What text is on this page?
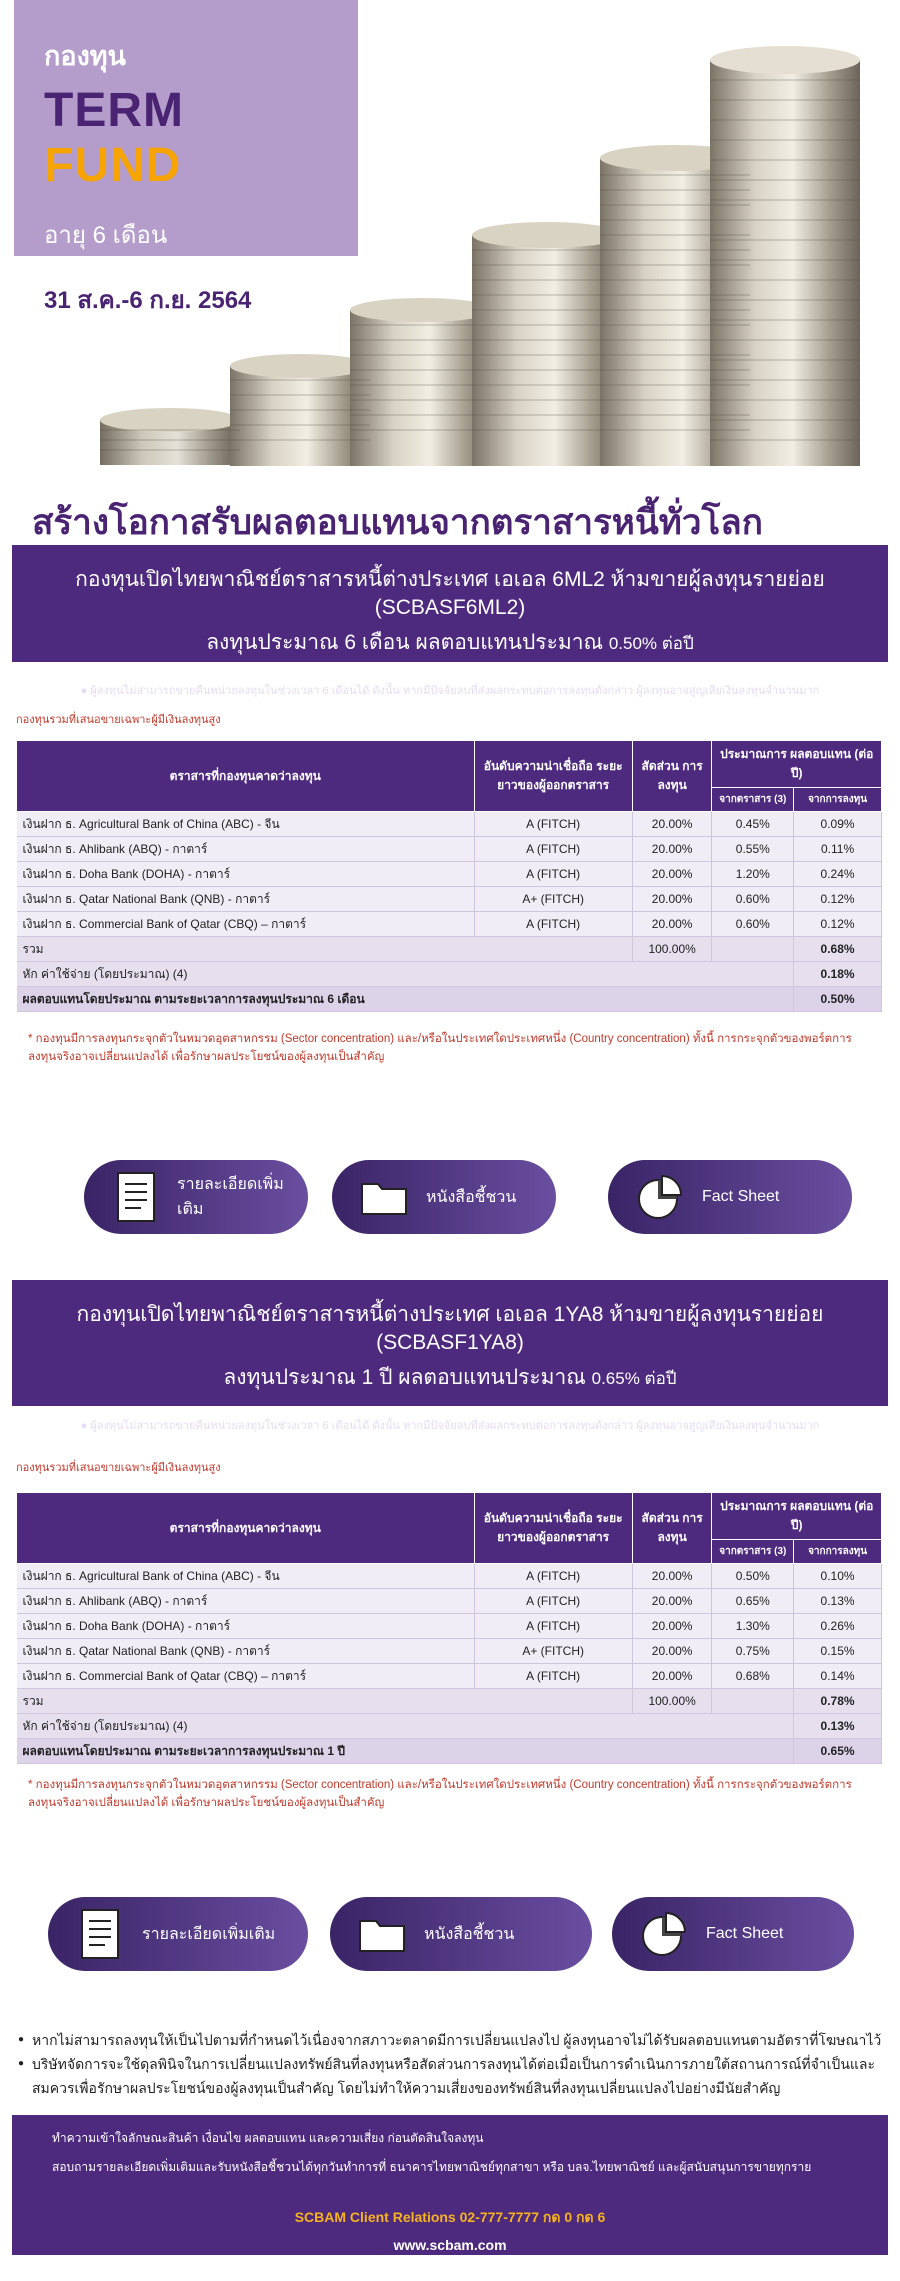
กองทุน
TERM FUND
อายุ 6 เดือน
31 ส.ค.-6 ก.ย. 2564
สร้างโอกาสรับผลตอบแทนจากตราสารหนี้ทั่วโลก
กองทุนเปิดไทยพาณิชย์ตราสารหนี้ต่างประเทศ เอเอล 6ML2 ห้ามขายผู้ลงทุนรายย่อย (SCBASF6ML2)
ลงทุนประมาณ 6 เดือน ผลตอบแทนประมาณ 0.50% ต่อปี
● ผู้ลงทุนไม่สามารถขายคืนหน่วยลงทุนในช่วงเวลา 6 เดือนได้ ดังนั้น หากมีปัจจัยลบที่ส่งผลกระทบต่อการลงทุนดังกล่าว ผู้ลงทุนอาจสูญเสียเงินลงทุนจำนวนมาก
กองทุนรวมที่เสนอขายเฉพาะผู้มีเงินลงทุนสูง
ตราสารที่กองทุนคาดว่าลงทุน	อันดับความน่าเชื่อถือ ระยะยาวของผู้ออกตราสาร	สัดส่วน การลงทุน	ประมาณการ ผลตอบแทน (ต่อปี)	
			จากตราสาร (3)	จากการลงทุน
เงินฝาก ธ. Agricultural Bank of China (ABC) - จีน	A (FITCH)	20.00%	0.45%	0.09%
เงินฝาก ธ. Ahlibank (ABQ) - กาตาร์	A (FITCH)	20.00%	0.55%	0.11%
เงินฝาก ธ. Doha Bank (DOHA) - กาตาร์	A (FITCH)	20.00%	1.20%	0.24%
เงินฝาก ธ. Qatar National Bank (QNB) - กาตาร์	A+ (FITCH)	20.00%	0.60%	0.12%
เงินฝาก ธ. Commercial Bank of Qatar (CBQ) – กาตาร์	A (FITCH)	20.00%	0.60%	0.12%
รวม		100.00%		0.68%
หัก ค่าใช้จ่าย (โดยประมาณ) (4)				0.18%
ผลตอบแทนโดยประมาณ ตามระยะเวลาการลงทุนประมาณ 6 เดือน				0.50%
* กองทุนมีการลงทุนกระจุกตัวในหมวดอุตสาหกรรม (Sector concentration) และ/หรือในประเทศใดประเทศหนึ่ง (Country concentration) ทั้งนี้ การกระจุกตัวของพอร์ตการลงทุนจริงอาจเปลี่ยนแปลงได้ เพื่อรักษาผลประโยชน์ของผู้ลงทุนเป็นสำคัญ
รายละเอียดเพิ่มเติม
หนังสือชี้ชวน	Fact Sheet
กองทุนเปิดไทยพาณิชย์ตราสารหนี้ต่างประเทศ เอเอล 1YA8 ห้ามขายผู้ลงทุนรายย่อย (SCBASF1YA8)
ลงทุนประมาณ 1 ปี ผลตอบแทนประมาณ 0.65% ต่อปี
● ผู้ลงทุนไม่สามารถขายคืนหน่วยลงทุนในช่วงเวลา 6 เดือนได้ ดังนั้น หากมีปัจจัยลบที่ส่งผลกระทบต่อการลงทุนดังกล่าว ผู้ลงทุนอาจสูญเสียเงินลงทุนจำนวนมาก
กองทุนรวมที่เสนอขายเฉพาะผู้มีเงินลงทุนสูง
ตราสารที่กองทุนคาดว่าลงทุน	อันดับความน่าเชื่อถือ ระยะยาวของผู้ออกตราสาร	สัดส่วน การลงทุน	ประมาณการ ผลตอบแทน (ต่อปี)	
			จากตราสาร (3)	จากการลงทุน
เงินฝาก ธ. Agricultural Bank of China (ABC) - จีน	A (FITCH)	20.00%	0.50%	0.10%
เงินฝาก ธ. Ahlibank (ABQ) - กาตาร์	A (FITCH)	20.00%	0.65%	0.13%
เงินฝาก ธ. Doha Bank (DOHA) - กาตาร์	A (FITCH)	20.00%	1.30%	0.26%
เงินฝาก ธ. Qatar National Bank (QNB) - กาตาร์	A+ (FITCH)	20.00%	0.75%	0.15%
เงินฝาก ธ. Commercial Bank of Qatar (CBQ) – กาตาร์	A (FITCH)	20.00%	0.68%	0.14%
รวม		100.00%		0.78%
หัก ค่าใช้จ่าย (โดยประมาณ) (4)				0.13%
ผลตอบแทนโดยประมาณ ตามระยะเวลาการลงทุนประมาณ 1 ปี				0.65%
* กองทุนมีการลงทุนกระจุกตัวในหมวดอุตสาหกรรม (Sector concentration) และ/หรือในประเทศใดประเทศหนึ่ง (Country concentration) ทั้งนี้ การกระจุกตัวของพอร์ตการลงทุนจริงอาจเปลี่ยนแปลงได้ เพื่อรักษาผลประโยชน์ของผู้ลงทุนเป็นสำคัญ
รายละเอียดเพิ่มเติม	หนังสือชี้ชวน	Fact Sheet
● หากไม่สามารถลงทุนให้เป็นไปตามที่กำหนดไว้เนื่องจากสภาวะตลาดมีการเปลี่ยนแปลงไป ผู้ลงทุนอาจไม่ได้รับผลตอบแทนตามอัตราที่โฆษณาไว้
● บริษัทจัดการจะใช้ดุลพินิจในการเปลี่ยนแปลงทรัพย์สินที่ลงทุนหรือสัดส่วนการลงทุนได้ต่อเมื่อเป็นการดำเนินการภายใต้สถานการณ์ที่จำเป็นและสมควรเพื่อรักษาผลประโยชน์ของผู้ลงทุนเป็นสำคัญ โดยไม่ทำให้ความเสี่ยงของทรัพย์สินที่ลงทุนเปลี่ยนแปลงไปอย่างมีนัยสำคัญ
ทำความเข้าใจลักษณะสินค้า เงื่อนไข ผลตอบแทน และความเสี่ยง ก่อนตัดสินใจลงทุน
สอบถามรายละเอียดเพิ่มเติมและรับหนังสือชี้ชวนได้ทุกวันทำการที่ ธนาคารไทยพาณิชย์ทุกสาขา หรือ บลจ.ไทยพาณิชย์ และผู้สนับสนุนการขายทุกราย
SCBAM Client Relations 02-777-7777 กด 0 กด 6
www.scbam.com
